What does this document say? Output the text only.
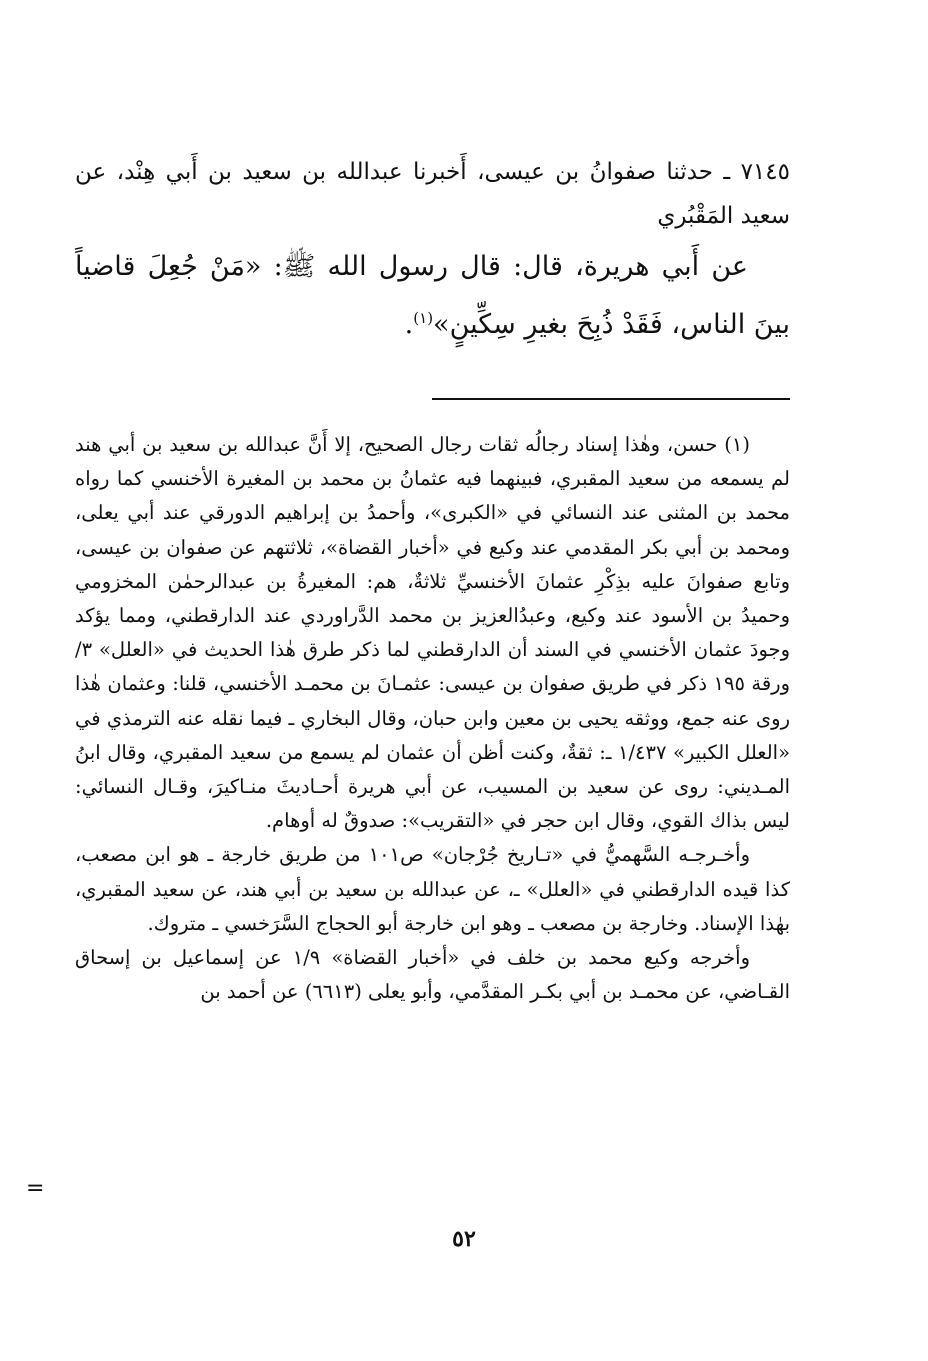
٧١٤٥ ـ حدثنا صفوانُ بن عيسى، أَخبرنا عبدالله بن سعيد بن أَبي هِنْد، عن سعيد المَقْبُري

عن أَبي هريرة، قال: قال رسول الله ﷺ: «مَنْ جُعِلَ قاضياً بينَ الناس، فَقَدْ ذُبِحَ بغيرِ سِكِّينٍ»$^{(١)}$.

(١) حسن، وهٰذا إسناد رجالُه ثقات رجال الصحيح، إلا أَنَّ عبدالله بن سعيد بن أبي هند لم يسمعه من سعيد المقبري، فبينهما فيه عثمانُ بن محمد بن المغيرة الأخنسي كما رواه محمد بن المثنى عند النسائي في «الكبرى»، وأحمدُ بن إبراهيم الدورقي عند أبي يعلى، ومحمد بن أبي بكر المقدمي عند وكيع في «أخبار القضاة»، ثلاثتهم عن صفوان بن عيسى، وتابع صفوانَ عليه بذِكْرِ عثمانَ الأخنسيِّ ثلاثةٌ، هم: المغيرةُ بن عبدالرحمٰن المخزومي وحميدُ بن الأسود عند وكيع، وعبدُالعزيز بن محمد الدَّراوردي عند الدارقطني، ومما يؤكد وجودَ عثمان الأخنسي في السند أن الدارقطني لما ذكر طرق هٰذا الحديث في «العلل» ٣/ورقة ١٩٥ ذكر في طريق صفوان بن عيسى: عثمـانَ بن محمـد الأخنسي، قلنا: وعثمان هٰذا روى عنه جمع، ووثقه يحيى بن معين وابن حبان، وقال البخاري ـ فيما نقله عنه الترمذي في «العلل الكبير» ١/٤٣٧ ـ: ثقةٌ، وكنت أظن أن عثمان لم يسمع من سعيد المقبري، وقال ابنُ المـديني: روى عن سعيد بن المسيب، عن أبي هريرة أحـاديثَ منـاكيرَ، وقـال النسائي: ليس بذاك القوي، وقال ابن حجر في «التقريب»: صدوقٌ له أوهام.

وأخـرجـه السَّهميُّ في «تـاريخ جُرْجان» ص١٠١ من طريق خارجة ـ هو ابن مصعب، كذا قيده الدارقطني في «العلل» ـ، عن عبدالله بن سعيد بن أبي هند، عن سعيد المقبري، بهٰذا الإسناد. وخارجة بن مصعب ـ وهو ابن خارجة أبو الحجاج السَّرَخسي ـ متروك.

وأخرجه وكيع محمد بن خلف في «أخبار القضاة» ١/٩ عن إسماعيل بن إسحاق القـاضي، عن محمـد بن أبي بكـر المقدَّمي، وأبو يعلى (٦٦١٣) عن أحمد بن

=
٥٢
